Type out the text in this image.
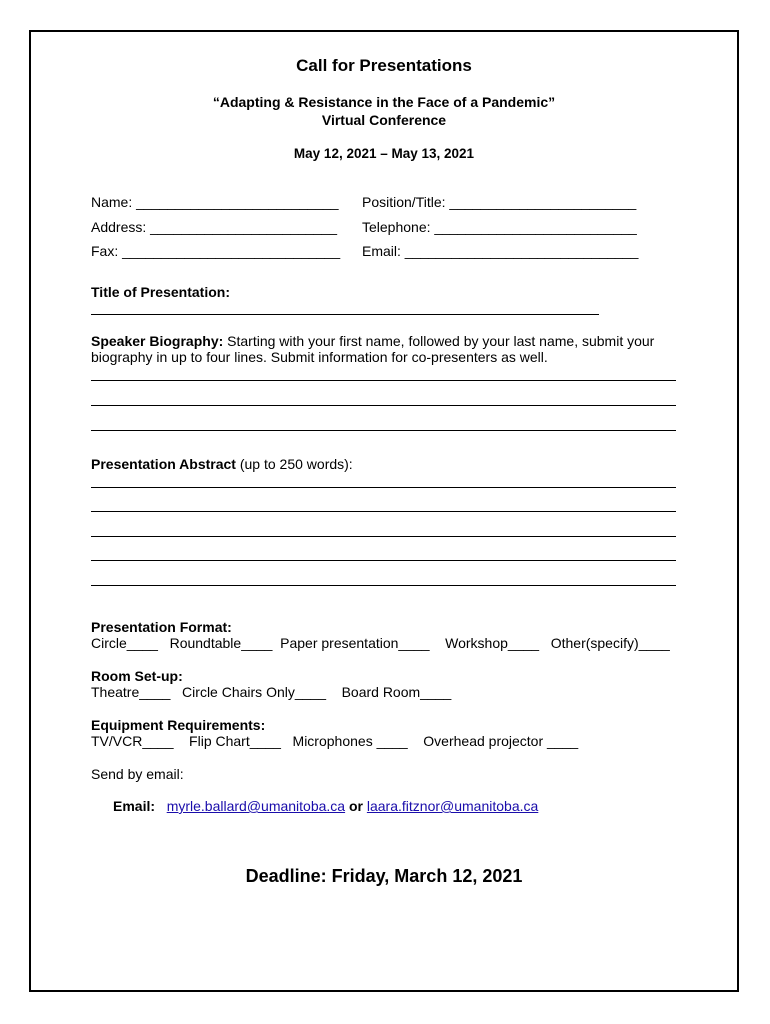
Call for Presentations
“Adapting & Resistance in the Face of a Pandemic”
Virtual Conference
May 12, 2021 – May 13, 2021
Name: __________________________ Position/Title: ________________________
Address: ________________________ Telephone: __________________________
Fax: ____________________________ Email: ______________________________
Title of Presentation:
Speaker Biography: Starting with your first name, followed by your last name, submit your
biography in up to four lines. Submit information for co-presenters as well.
Presentation Abstract (up to 250 words):
Presentation Format:
Circle____   Roundtable____  Paper presentation____    Workshop____   Other(specify)____
Room Set-up:
Theatre____   Circle Chairs Only____    Board Room____
Equipment Requirements:
TV/VCR____    Flip Chart____   Microphones ____    Overhead projector ____
Send by email:
Email: myrle.ballard@umanitoba.ca or laara.fitznor@umanitoba.ca
Deadline: Friday, March 12, 2021
